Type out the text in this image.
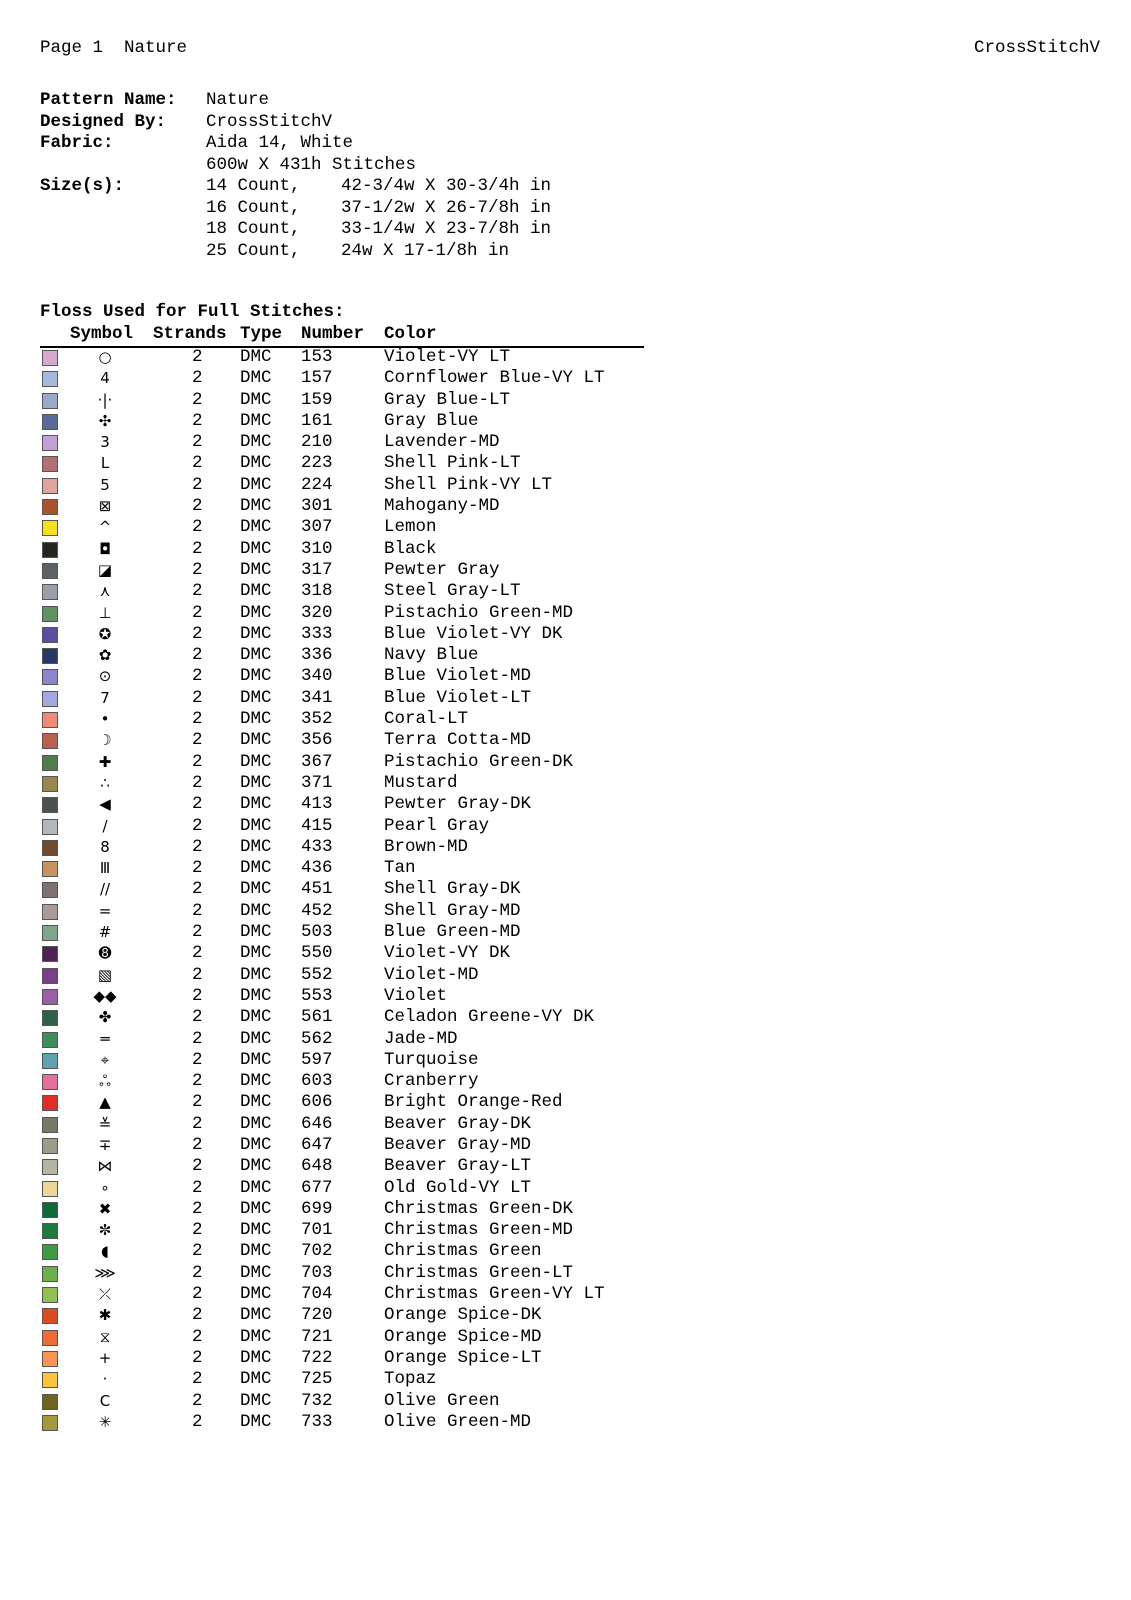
Page 1 Nature	CrossStitchV
Pattern Name: Nature
Designed By: CrossStitchV
Fabric:	Aida 14, White
600w X 431h Stitches
Size(s):	14 Count, 42-3/4w X 30-3/4h in
16 Count, 37-1/2w X 26-7/8h in
18 Count, 33-1/4w X 23-7/8h in
25 Count, 24w X 17-1/8h in
Floss Used for Full Stitches:
Symbol Strands Type Number Color
○	2 DMC 153	Violet-VY LT
4	2 DMC 157	Cornflower Blue-VY LT
·|·	2 DMC 159	Gray Blue-LT
✣	2 DMC 161	Gray Blue
3	2 DMC 210	Lavender-MD
L	2 DMC 223	Shell Pink-LT
5	2 DMC 224	Shell Pink-VY LT
⊠	2 DMC 301	Mahogany-MD
^	2 DMC 307	Lemon
◘	2 DMC 310	Black
◪	2 DMC 317	Pewter Gray
⋏	2 DMC 318	Steel Gray-LT
⊥	2 DMC 320	Pistachio Green-MD
✪	2 DMC 333	Blue Violet-VY DK
✿	2 DMC 336	Navy Blue
⊙	2 DMC 340	Blue Violet-MD
7	2 DMC 341	Blue Violet-LT
•	2 DMC 352	Coral-LT
☽	2 DMC 356	Terra Cotta-MD
✚	2 DMC 367	Pistachio Green-DK
∴	2 DMC 371	Mustard
◀	2 DMC 413	Pewter Gray-DK
/	2 DMC 415	Pearl Gray
8	2 DMC 433	Brown-MD
Ⅲ	2 DMC 436	Tan
//	2 DMC 451	Shell Gray-DK
=	2 DMC 452	Shell Gray-MD
#	2 DMC 503	Blue Green-MD
➑	2 DMC 550	Violet-VY DK
▧	2 DMC 552	Violet-MD
◆◆	2 DMC 553	Violet
✤	2 DMC 561	Celadon Greene-VY DK
═	2 DMC 562	Jade-MD
⌖	2 DMC 597	Turquoise
ஃ	2 DMC 603	Cranberry
▲	2 DMC 606	Bright Orange-Red
≚	2 DMC 646	Beaver Gray-DK
∓	2 DMC 647	Beaver Gray-MD
⋈	2 DMC 648	Beaver Gray-LT
∘	2 DMC 677	Old Gold-VY LT
✖	2 DMC 699	Christmas Green-DK
✼	2 DMC 701	Christmas Green-MD
◖	2 DMC 702	Christmas Green
⋙	2 DMC 703	Christmas Green-LT
⤫	2 DMC 704	Christmas Green-VY LT
✱	2 DMC 720	Orange Spice-DK
⧖	2 DMC 721	Orange Spice-MD
+	2 DMC 722	Orange Spice-LT
·	2 DMC 725	Topaz
C	2 DMC 732	Olive Green
✳	2 DMC 733	Olive Green-MD
